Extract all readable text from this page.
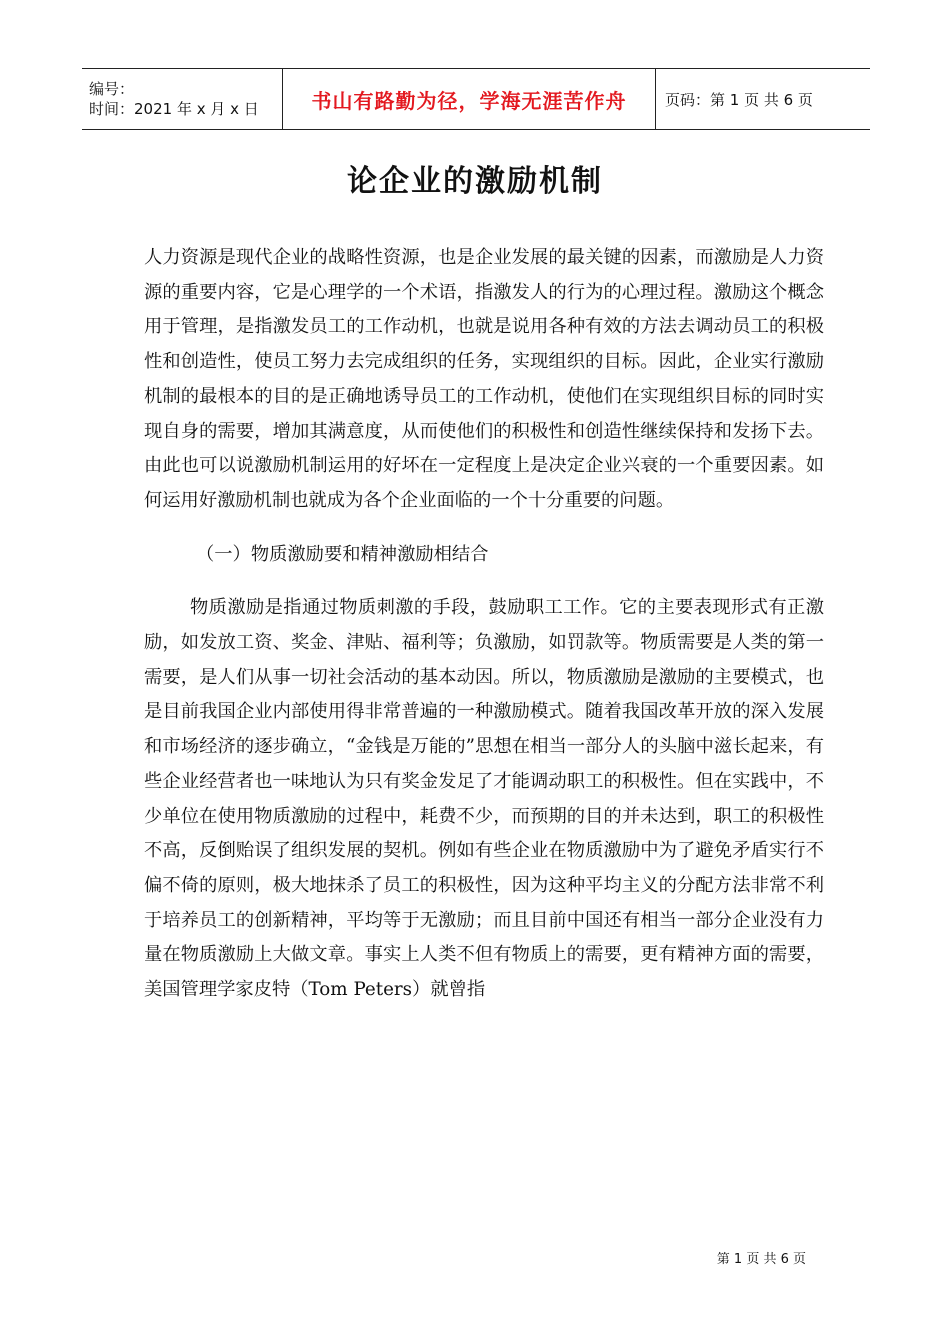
编号：
时间：2021 年 x 月 x 日	书山有路勤为径，学海无涯苦作舟	页码：第 1 页 共 6 页
论企业的激励机制

人力资源是现代企业的战略性资源，也是企业发展的最关键的因素，而激励是人力资源的重要内容，它是心理学的一个术语，指激发人的行为的心理过程。激励这个概念用于管理，是指激发员工的工作动机，也就是说用各种有效的方法去调动员工的积极性和创造性，使员工努力去完成组织的任务，实现组织的目标。因此，企业实行激励机制的最根本的目的是正确地诱导员工的工作动机，使他们在实现组织目标的同时实现自身的需要，增加其满意度，从而使他们的积极性和创造性继续保持和发扬下去。由此也可以说激励机制运用的好坏在一定程度上是决定企业兴衰的一个重要因素。如何运用好激励机制也就成为各个企业面临的一个十分重要的问题。

（一）物质激励要和精神激励相结合

物质激励是指通过物质刺激的手段，鼓励职工工作。它的主要表现形式有正激励，如发放工资、奖金、津贴、福利等；负激励，如罚款等。物质需要是人类的第一需要，是人们从事一切社会活动的基本动因。所以，物质激励是激励的主要模式，也是目前我国企业内部使用得非常普遍的一种激励模式。随着我国改革开放的深入发展和市场经济的逐步确立，“金钱是万能的”思想在相当一部分人的头脑中滋长起来，有些企业经营者也一味地认为只有奖金发足了才能调动职工的积极性。但在实践中，不少单位在使用物质激励的过程中，耗费不少，而预期的目的并未达到，职工的积极性不高，反倒贻误了组织发展的契机。例如有些企业在物质激励中为了避免矛盾实行不偏不倚的原则，极大地抹杀了员工的积极性，因为这种平均主义的分配方法非常不利于培养员工的创新精神，平均等于无激励；而且目前中国还有相当一部分企业没有力量在物质激励上大做文章。事实上人类不但有物质上的需要，更有精神方面的需要，美国管理学家皮特（Tom Peters）就曾指

第 1 页 共 6 页
